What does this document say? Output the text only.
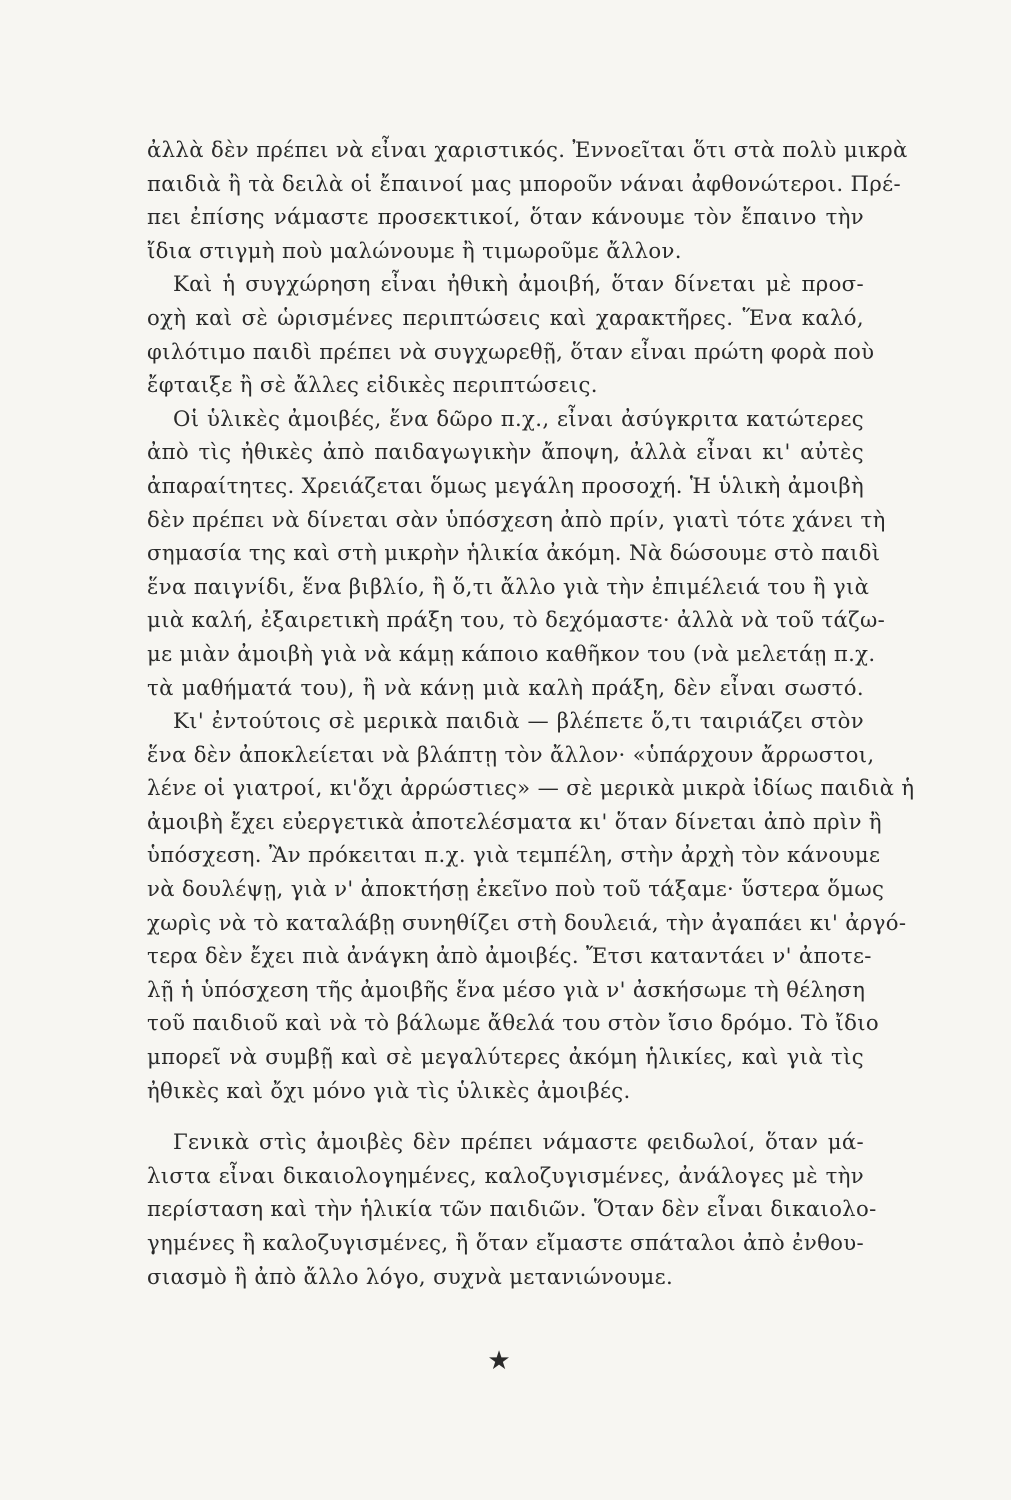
ἀλλὰ δὲν πρέπει νὰ εἶναι χαριστικός. Ἐννοεῖται ὅτι στὰ πολὺ μικρὰ
παιδιὰ ἢ τὰ δειλὰ οἱ ἔπαινοί μας μποροῦν νάναι ἀφθονώτεροι. Πρέ-
πει ἐπίσης νάμαστε προσεκτικοί, ὅταν κάνουμε τὸν ἔπαινο τὴν
ἴδια στιγμὴ ποὺ μαλώνουμε ἢ τιμωροῦμε ἄλλον.

Καὶ ἡ συγχώρηση εἶναι ἠθικὴ ἀμοιβή, ὅταν δίνεται μὲ προσ-
οχὴ καὶ σὲ ὡρισμένες περιπτώσεις καὶ χαρακτῆρες. Ἕνα καλό,
φιλότιμο παιδὶ πρέπει νὰ συγχωρεθῇ, ὅταν εἶναι πρώτη φορὰ ποὺ
ἔφταιξε ἢ σὲ ἄλλες εἰδικὲς περιπτώσεις.

Οἱ ὑλικὲς ἀμοιβές, ἕνα δῶρο π.χ., εἶναι ἀσύγκριτα κατώτερες
ἀπὸ τὶς ἠθικὲς ἀπὸ παιδαγωγικὴν ἄποψη, ἀλλὰ εἶναι κι' αὐτὲς
ἀπαραίτητες. Χρειάζεται ὅμως μεγάλη προσοχή. Ἡ ὑλικὴ ἀμοιβὴ
δὲν πρέπει νὰ δίνεται σὰν ὑπόσχεση ἀπὸ πρίν, γιατὶ τότε χάνει τὴ
σημασία της καὶ στὴ μικρὴν ἡλικία ἀκόμη. Νὰ δώσουμε στὸ παιδὶ
ἕνα παιγνίδι, ἕνα βιβλίο, ἢ ὅ,τι ἄλλο γιὰ τὴν ἐπιμέλειά του ἢ γιὰ
μιὰ καλή, ἐξαιρετικὴ πράξη του, τὸ δεχόμαστε· ἀλλὰ νὰ τοῦ τάζω-
με μιὰν ἀμοιβὴ γιὰ νὰ κάμῃ κάποιο καθῆκον του (νὰ μελετάῃ π.χ.
τὰ μαθήματά του), ἢ νὰ κάνῃ μιὰ καλὴ πράξη, δὲν εἶναι σωστό.

Κι' ἐντούτοις σὲ μερικὰ παιδιὰ — βλέπετε ὅ,τι ταιριάζει στὸν
ἕνα δὲν ἀποκλείεται νὰ βλάπτῃ τὸν ἄλλον· «ὑπάρχουν ἄρρωστοι,
λένε οἱ γιατροί, κι'ὄχι ἀρρώστιες» — σὲ μερικὰ μικρὰ ἰδίως παιδιὰ ἡ
ἀμοιβὴ ἔχει εὐεργετικὰ ἀποτελέσματα κι' ὅταν δίνεται ἀπὸ πρὶν ἢ
ὑπόσχεση. Ἂν πρόκειται π.χ. γιὰ τεμπέλη, στὴν ἀρχὴ τὸν κάνουμε
νὰ δουλέψῃ, γιὰ ν' ἀποκτήσῃ ἐκεῖνο ποὺ τοῦ τάξαμε· ὕστερα ὅμως
χωρὶς νὰ τὸ καταλάβῃ συνηθίζει στὴ δουλειά, τὴν ἀγαπάει κι' ἀργό-
τερα δὲν ἔχει πιὰ ἀνάγκη ἀπὸ ἀμοιβές. Ἔτσι καταντάει ν' ἀποτε-
λῇ ἡ ὑπόσχεση τῆς ἀμοιβῆς ἕνα μέσο γιὰ ν' ἀσκήσωμε τὴ θέληση
τοῦ παιδιοῦ καὶ νὰ τὸ βάλωμε ἄθελά του στὸν ἴσιο δρόμο. Τὸ ἴδιο
μπορεῖ νὰ συμβῇ καὶ σὲ μεγαλύτερες ἀκόμη ἡλικίες, καὶ γιὰ τὶς
ἠθικὲς καὶ ὄχι μόνο γιὰ τὶς ὑλικὲς ἀμοιβές.

Γενικὰ στὶς ἀμοιβὲς δὲν πρέπει νάμαστε φειδωλοί, ὅταν μά-
λιστα εἶναι δικαιολογημένες, καλοζυγισμένες, ἀνάλογες μὲ τὴν
περίσταση καὶ τὴν ἡλικία τῶν παιδιῶν. Ὅταν δὲν εἶναι δικαιολο-
γημένες ἢ καλοζυγισμένες, ἢ ὅταν εἴμαστε σπάταλοι ἀπὸ ἐνθου-
σιασμὸ ἢ ἀπὸ ἄλλο λόγο, συχνὰ μετανιώνουμε.

★
